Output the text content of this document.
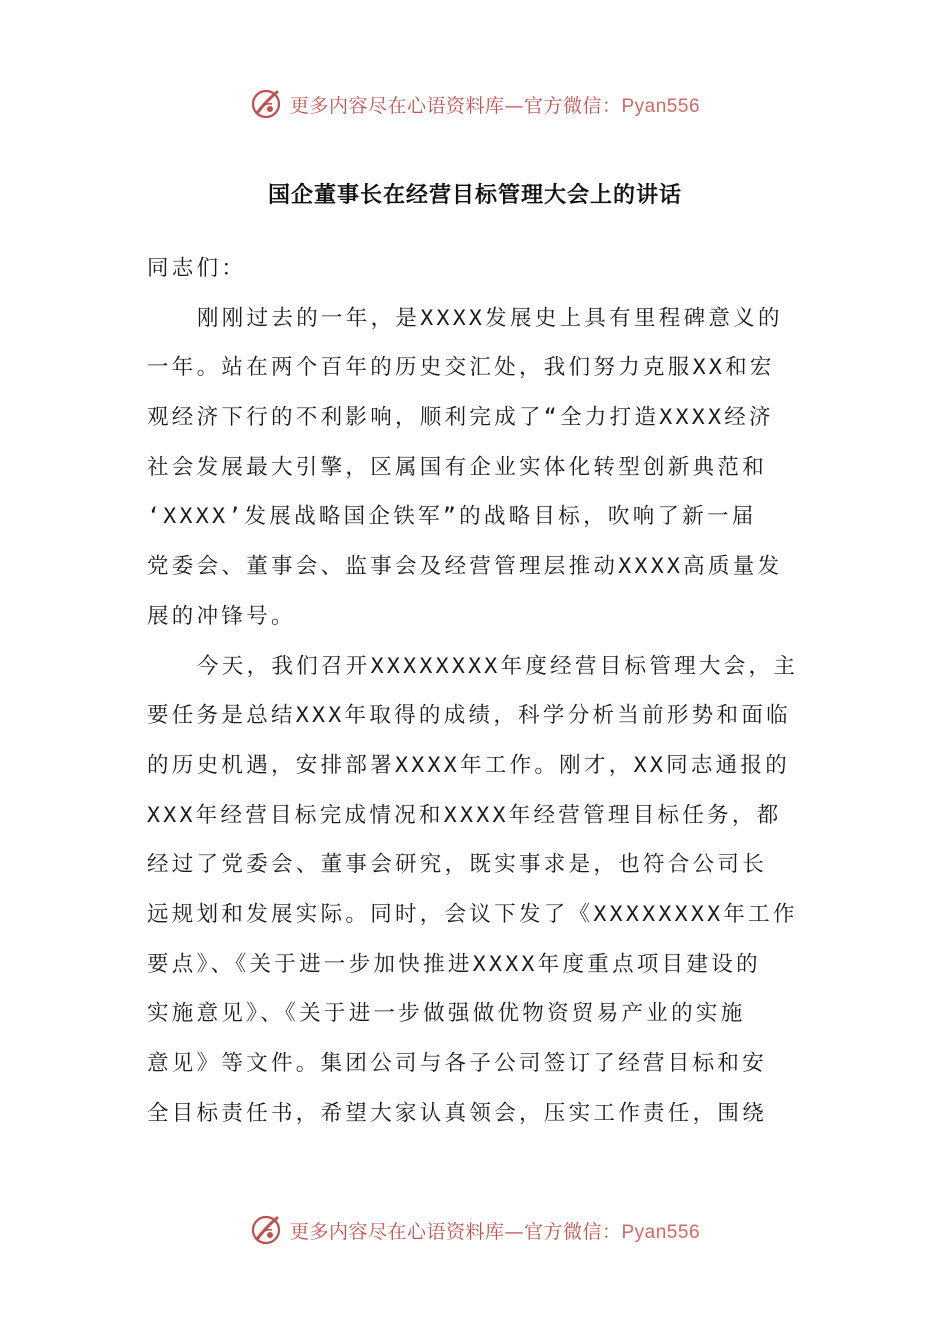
更多内容尽在心语资料库—官方微信：Pyan556
国企董事长在经营目标管理大会上的讲话
同志们：
刚刚过去的一年，是XXXX发展史上具有里程碑意义的
一年。站在两个百年的历史交汇处，我们努力克服XX和宏
观经济下行的不利影响，顺利完成了“全力打造XXXX经济
社会发展最大引擎，区属国有企业实体化转型创新典范和
‘XXXX’发展战略国企铁军”的战略目标，吹响了新一届
党委会、董事会、监事会及经营管理层推动XXXX高质量发
展的冲锋号。
今天，我们召开XXXXXXXX年度经营目标管理大会，主
要任务是总结XXX年取得的成绩，科学分析当前形势和面临
的历史机遇，安排部署XXXX年工作。刚才，XX同志通报的
XXX年经营目标完成情况和XXXX年经营管理目标任务，都
经过了党委会、董事会研究，既实事求是，也符合公司长
远规划和发展实际。同时，会议下发了《XXXXXXXX年工作
要点》、《关于进一步加快推进XXXX年度重点项目建设的
实施意见》、《关于进一步做强做优物资贸易产业的实施
意见》等文件。集团公司与各子公司签订了经营目标和安
全目标责任书，希望大家认真领会，压实工作责任，围绕
更多内容尽在心语资料库—官方微信：Pyan556
